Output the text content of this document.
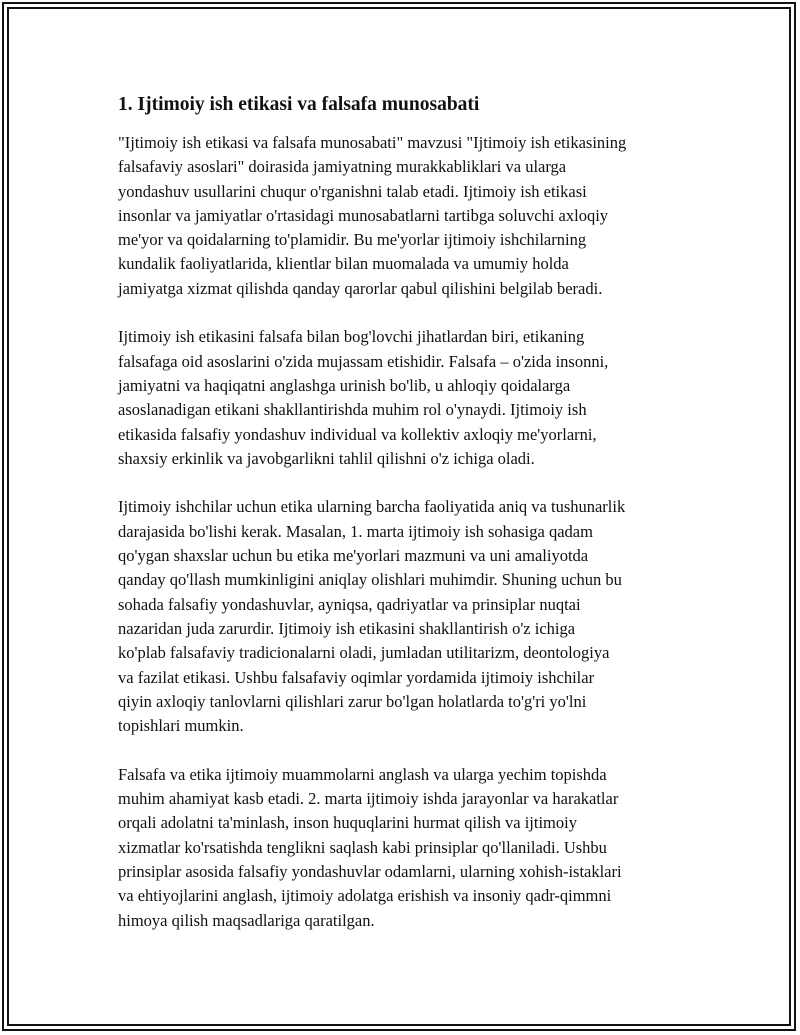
1. Ijtimoiy ish etikasi va falsafa munosabati

"Ijtimoiy ish etikasi va falsafa munosabati" mavzusi "Ijtimoiy ish etikasining
falsafaviy asoslari" doirasida jamiyatning murakkabliklari va ularga
yondashuv usullarini chuqur o'rganishni talab etadi. Ijtimoiy ish etikasi
insonlar va jamiyatlar o'rtasidagi munosabatlarni tartibga soluvchi axloqiy
me'yor va qoidalarning to'plamidir. Bu me'yorlar ijtimoiy ishchilarning
kundalik faoliyatlarida, klientlar bilan muomalada va umumiy holda
jamiyatga xizmat qilishda qanday qarorlar qabul qilishini belgilab beradi.

Ijtimoiy ish etikasini falsafa bilan bog'lovchi jihatlardan biri, etikaning
falsafaga oid asoslarini o'zida mujassam etishidir. Falsafa – o'zida insonni,
jamiyatni va haqiqatni anglashga urinish bo'lib, u ahloqiy qoidalarga
asoslanadigan etikani shakllantirishda muhim rol o'ynaydi. Ijtimoiy ish
etikasida falsafiy yondashuv individual va kollektiv axloqiy me'yorlarni,
shaxsiy erkinlik va javobgarlikni tahlil qilishni o'z ichiga oladi.

Ijtimoiy ishchilar uchun etika ularning barcha faoliyatida aniq va tushunarlik
darajasida bo'lishi kerak. Masalan, 1. marta ijtimoiy ish sohasiga qadam
qo'ygan shaxslar uchun bu etika me'yorlari mazmuni va uni amaliyotda
qanday qo'llash mumkinligini aniqlay olishlari muhimdir. Shuning uchun bu
sohada falsafiy yondashuvlar, ayniqsa, qadriyatlar va prinsiplar nuqtai
nazaridan juda zarurdir. Ijtimoiy ish etikasini shakllantirish o'z ichiga
ko'plab falsafaviy tradicionalarni oladi, jumladan utilitarizm, deontologiya
va fazilat etikasi. Ushbu falsafaviy oqimlar yordamida ijtimoiy ishchilar
qiyin axloqiy tanlovlarni qilishlari zarur bo'lgan holatlarda to'g'ri yo'lni
topishlari mumkin.

Falsafa va etika ijtimoiy muammolarni anglash va ularga yechim topishda
muhim ahamiyat kasb etadi. 2. marta ijtimoiy ishda jarayonlar va harakatlar
orqali adolatni ta'minlash, inson huquqlarini hurmat qilish va ijtimoiy
xizmatlar ko'rsatishda tenglikni saqlash kabi prinsiplar qo'llaniladi. Ushbu
prinsiplar asosida falsafiy yondashuvlar odamlarni, ularning xohish-istaklari
va ehtiyojlarini anglash, ijtimoiy adolatga erishish va insoniy qadr-qimmni
himoya qilish maqsadlariga qaratilgan.
